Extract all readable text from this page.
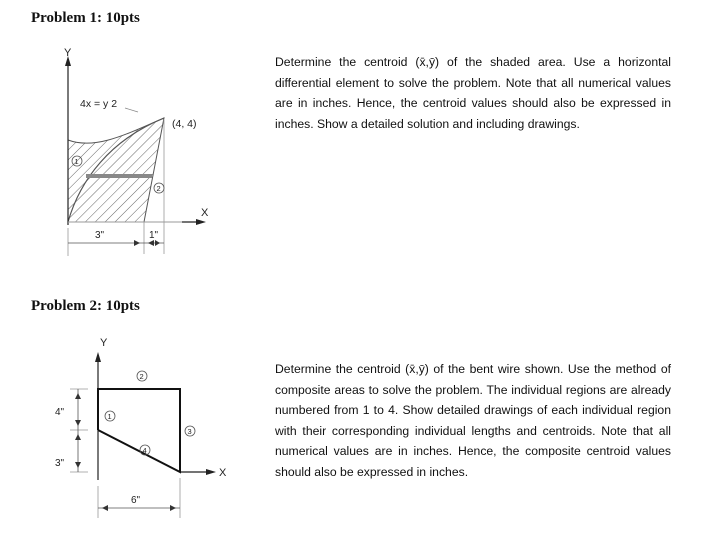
Problem 1: 10pts

Determine the centroid (x̄,ȳ) of the shaded area. Use a horizontal differential element to solve the problem. Note that all numerical values are in inches. Hence, the centroid values should also be expressed in inches. Show a detailed solution and including drawings.

Problem 2: 10pts

Determine the centroid (x̄,ȳ) of the bent wire shown. Use the method of composite areas to solve the problem. The individual regions are already numbered from 1 to 4. Show detailed drawings of each individual region with their corresponding individual lengths and centroids. Note that all numerical values are in inches. Hence, the composite centroid values should also be expressed in inches.

Y
X
4x = y 2
(4, 4)
1
2
3"	1"
Y
X
1
2
3
4
4"
3"
6"
